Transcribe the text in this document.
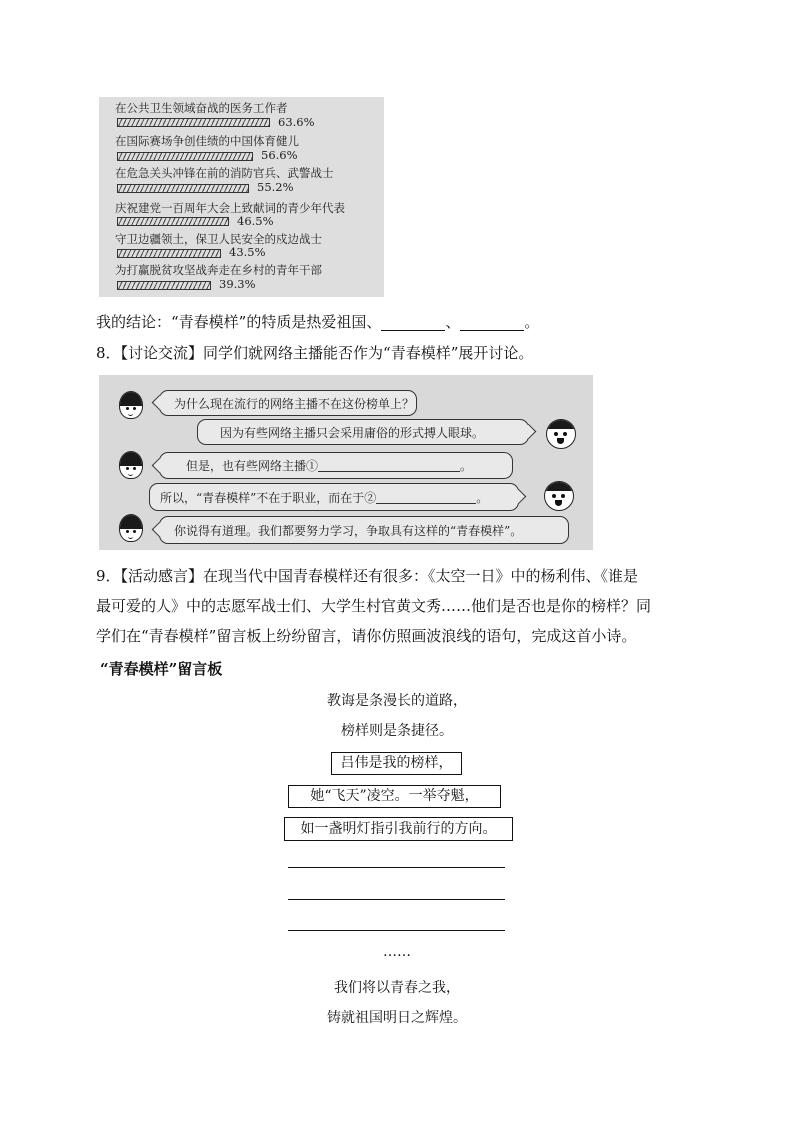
在公共卫生领域奋战的医务工作者
63.6%
在国际赛场争创佳绩的中国体育健儿
56.6%
在危急关头冲锋在前的消防官兵、武警战士
55.2%
庆祝建党一百周年大会上致献词的青少年代表
46.5%
守卫边疆领土，保卫人民安全的戍边战士
43.5%
为打赢脱贫攻坚战奔走在乡村的青年干部
39.3%
我的结论：“青春模样”的特质是热爱祖国、	、	。
8．【讨论交流】同学们就网络主播能否作为“青春模样”展开讨论。
为什么现在流行的网络主播不在这份榜单上？
因为有些网络主播只会采用庸俗的形式搏人眼球。
但是，也有些网络主播①	。
所以，“青春模样”不在于职业，而在于②	。
你说得有道理。我们都要努力学习，争取具有这样的“青春模样”。
9．【活动感言】在现当代中国青春模样还有很多：《太空一日》中的杨利伟、《谁是
最可爱的人》中的志愿军战士们、大学生村官黄文秀……他们是否也是你的榜样？同
学们在“青春模样”留言板上纷纷留言，请你仿照画波浪线的语句，完成这首小诗。
“青春模样”留言板
教诲是条漫长的道路，
榜样则是条捷径。
吕伟是我的榜样，
她“飞天”凌空。一举夺魁，
如一盏明灯指引我前行的方向。
……
我们将以青春之我，
铸就祖国明日之辉煌。
